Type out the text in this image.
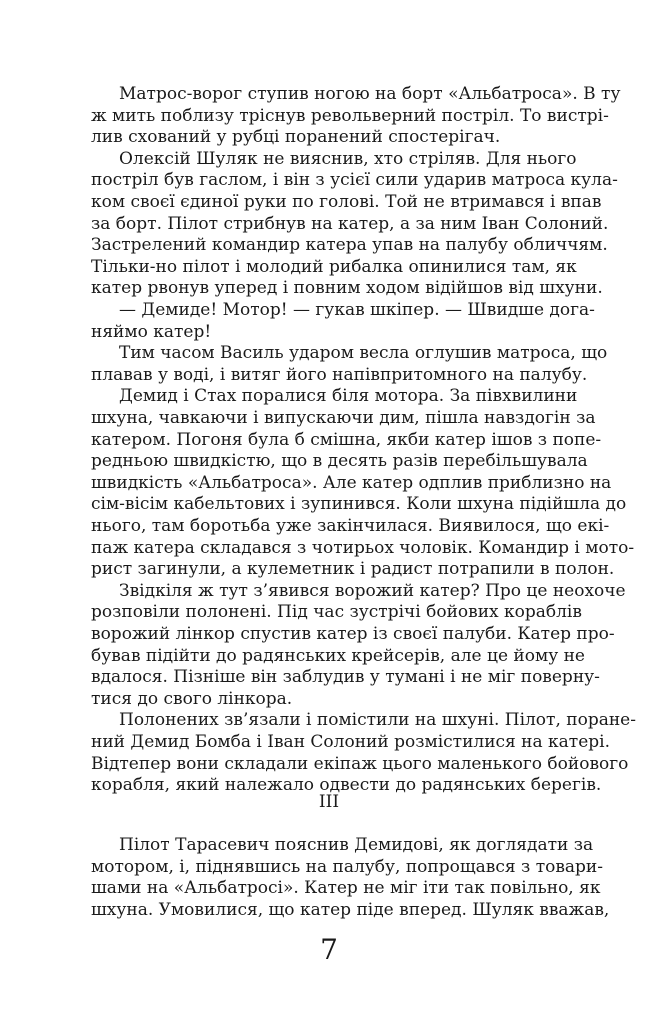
Матрос-ворог ступив ногою на борт «Альбатроса». В ту
ж мить поблизу тріснув револьверний постріл. То вистрі-
лив схований у рубці поранений спостерігач.
Олексій Шуляк не вияснив, хто стріляв. Для нього
постріл був гаслом, і він з усієї сили ударив матроса кула-
ком своєї єдиної руки по голові. Той не втримався і впав
за борт. Пілот стрибнув на катер, а за ним Іван Солоний.
Застрелений командир катера упав на палубу обличчям.
Тільки-но пілот і молодий рибалка опинилися там, як
катер рвонув уперед і повним ходом відійшов від шхуни.
— Демиде! Мотор! — гукав шкіпер. — Швидше дога-
няймо катер!
Тим часом Василь ударом весла оглушив матроса, що
плавав у воді, і витяг його напівпритомного на палубу.
Демид і Стах поралися біля мотора. За півхвилини
шхуна, чавкаючи і випускаючи дим, пішла навздогін за
катером. Погоня була б смішна, якби катер ішов з попе-
редньою швидкістю, що в десять разів перебільшувала
швидкість «Альбатроса». Але катер одплив приблизно на
сім-вісім кабельтових і зупинився. Коли шхуна підійшла до
нього, там боротьба уже закінчилася. Виявилося, що екі-
паж катера складався з чотирьох чоловік. Командир і мото-
рист загинули, а кулеметник і радист потрапили в полон.
Звідкіля ж тут з’явився ворожий катер? Про це неохоче
розповіли полонені. Під час зустрічі бойових кораблів
ворожий лінкор спустив катер із своєї палуби. Катер про-
бував підійти до радянських крейсерів, але це йому не
вдалося. Пізніше він заблудив у тумані і не міг поверну-
тися до свого лінкора.
Полонених зв’язали і помістили на шхуні. Пілот, поране-
ний Демид Бомба і Іван Солоний розмістилися на катері.
Відтепер вони складали екіпаж цього маленького бойового
корабля, який належало одвести до радянських берегів.
III
Пілот Тарасевич пояснив Демидові, як доглядати за
мотором, і, піднявшись на палубу, попрощався з товари-
шами на «Альбатросі». Катер не міг іти так повільно, як
шхуна. Умовилися, що катер піде вперед. Шуляк вважав,
7
